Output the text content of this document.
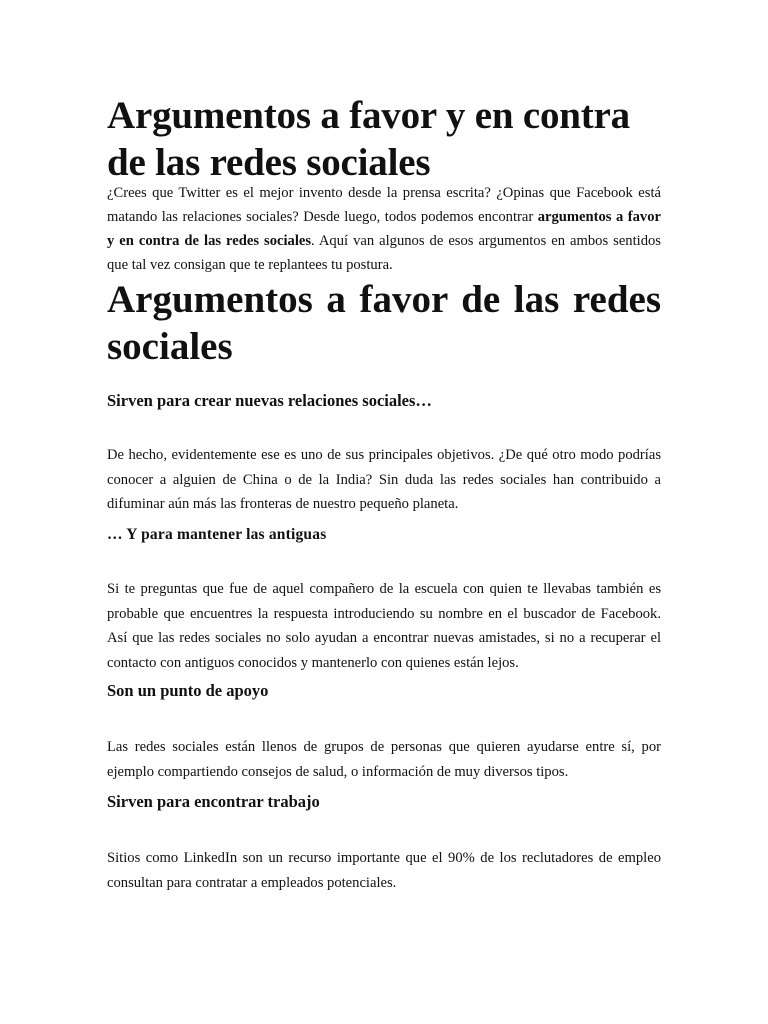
Argumentos a favor y en contra de las redes sociales

¿Crees que Twitter es el mejor invento desde la prensa escrita? ¿Opinas que Facebook está matando las relaciones sociales? Desde luego, todos podemos encontrar argumentos a favor y en contra de las redes sociales. Aquí van algunos de esos argumentos en ambos sentidos que tal vez consigan que te replantees tu postura.

Argumentos a favor de las redes sociales
Sirven para crear nuevas relaciones sociales…

De hecho, evidentemente ese es uno de sus principales objetivos. ¿De qué otro modo podrías conocer a alguien de China o de la India? Sin duda las redes sociales han contribuido a difuminar aún más las fronteras de nuestro pequeño planeta.

… Y para mantener las antiguas

Si te preguntas que fue de aquel compañero de la escuela con quien te llevabas también es probable que encuentres la respuesta introduciendo su nombre en el buscador de Facebook. Así que las redes sociales no solo ayudan a encontrar nuevas amistades, si no a recuperar el contacto con antiguos conocidos y mantenerlo con quienes están lejos.

Son un punto de apoyo

Las redes sociales están llenos de grupos de personas que quieren ayudarse entre sí, por ejemplo compartiendo consejos de salud, o información de muy diversos tipos.

Sirven para encontrar trabajo

Sitios como LinkedIn son un recurso importante que el 90% de los reclutadores de empleo consultan para contratar a empleados potenciales.
